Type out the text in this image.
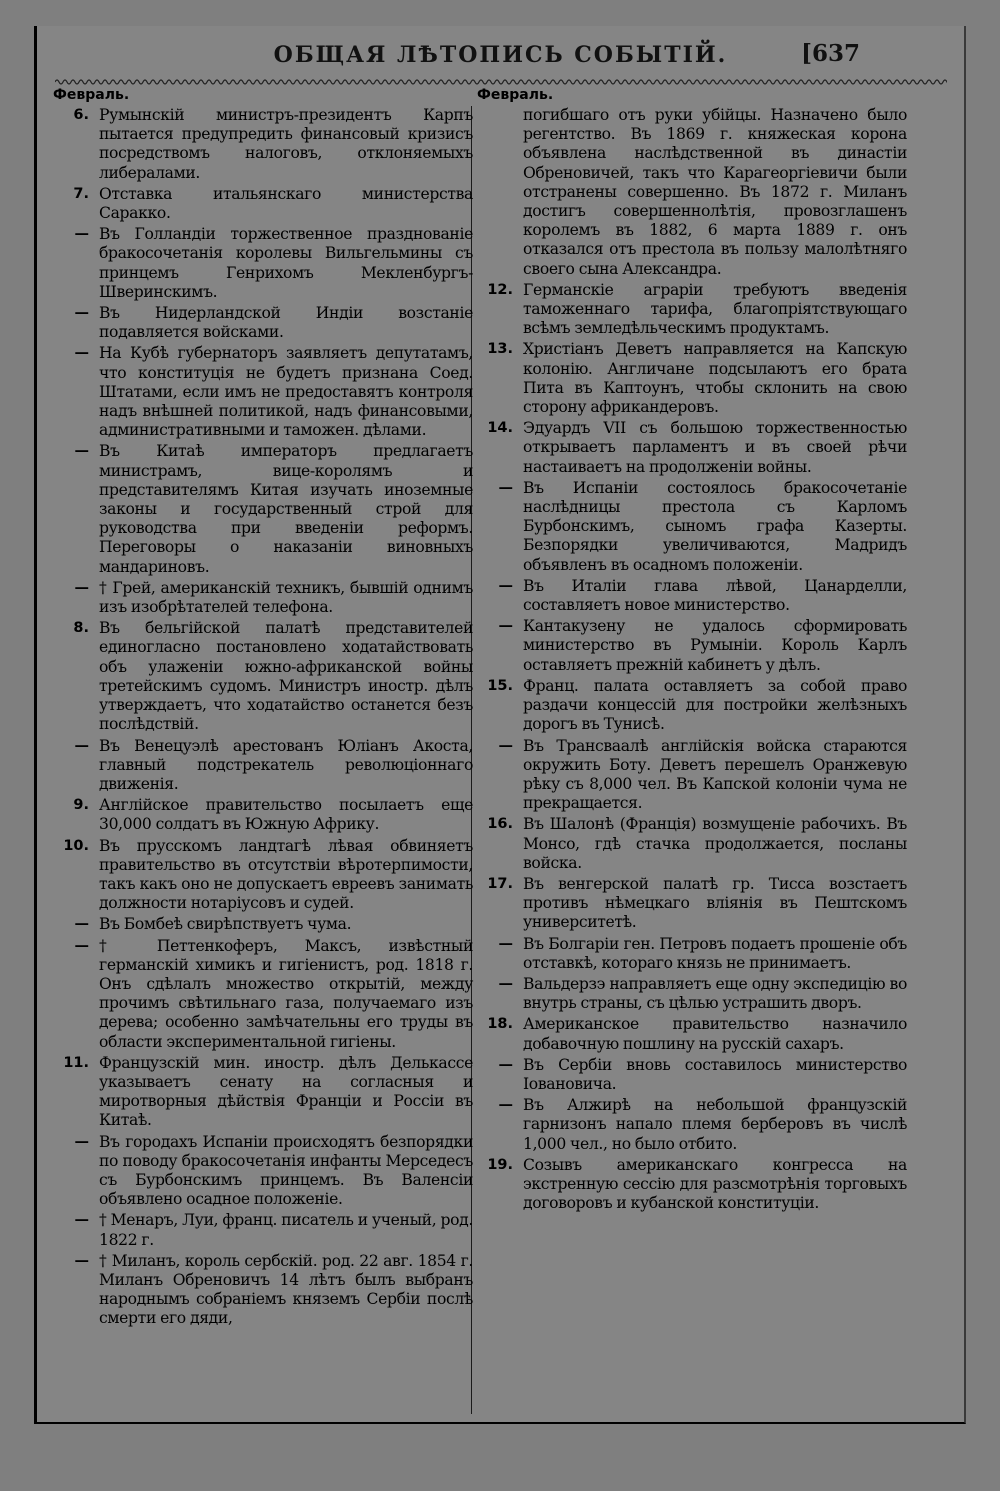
ОБЩАЯ ЛѢТОПИСЬ СОБЫТІЙ.	[637
Февраль.
6. Румынскій министръ-президентъ Карпъ пытается предупредить финансовый кризисъ посредствомъ налоговъ, отклоняемыхъ либералами.
7. Отставка итальянскаго министерства Саракко.
— Въ Голландіи торжественное празднованіе бракосочетанія королевы Вильгельмины съ принцемъ Генрихомъ Мекленбургъ-Шверинскимъ.
— Въ Нидерландской Индіи возстаніе подавляется войсками.
— На Кубѣ губернаторъ заявляетъ депутатамъ, что конституція не будетъ признана Соед. Штатами, если имъ не предоставятъ контроля надъ внѣшней политикой, надъ финансовыми, административными и таможен. дѣлами.
— Въ Китаѣ императоръ предлагаетъ министрамъ, вице-королямъ и представителямъ Китая изучать иноземные законы и государственный строй для руководства при введеніи реформъ. Переговоры о наказаніи виновныхъ мандариновъ.
— † Грей, американскій техникъ, бывшій однимъ изъ изобрѣтателей телефона.
8. Въ бельгійской палатѣ представителей единогласно постановлено ходатайствовать объ улаженіи южно-африканской войны третейскимъ судомъ. Министръ иностр. дѣлъ утверждаетъ, что ходатайство останется безъ послѣдствій.
— Въ Венецуэлѣ арестованъ Юліанъ Акоста, главный подстрекатель революціоннаго движенія.
9. Англійское правительство посылаетъ еще 30,000 солдатъ въ Южную Африку.
10. Въ прусскомъ ландтагѣ лѣвая обвиняетъ правительство въ отсутствіи вѣротерпимости, такъ какъ оно не допускаетъ евреевъ занимать должности нотаріусовъ и судей.
— Въ Бомбеѣ свирѣпствуетъ чума.
— † Петтенкоферъ, Максъ, извѣстный германскій химикъ и гигіенистъ, род. 1818 г. Онъ сдѣлалъ множество открытій, между прочимъ свѣтильнаго газа, получаемаго изъ дерева; особенно замѣчательны его труды въ области экспериментальной гигіены.
11. Французскій мин. иностр. дѣлъ Делькассе указываетъ сенату на согласныя и миротворныя дѣйствія Франціи и Россіи въ Китаѣ.
— Въ городахъ Испаніи происходятъ безпорядки по поводу бракосочетанія инфанты Мерседесъ съ Бурбонскимъ принцемъ. Въ Валенсіи объявлено осадное положеніе.
— † Менаръ, Луи, франц. писатель и ученый, род. 1822 г.
— † Миланъ, король сербскій. род. 22 авг. 1854 г. Миланъ Обреновичъ 14 лѣтъ былъ выбранъ народнымъ собраніемъ княземъ Сербіи послѣ смерти его дяди,
Февраль.
погибшаго отъ руки убійцы. Назначено было регентство. Въ 1869 г. княжеская корона объявлена наслѣдственной въ династіи Обреновичей, такъ что Карагеоргіевичи были отстранены совершенно. Въ 1872 г. Миланъ достигъ совершеннолѣтія, провозглашенъ королемъ въ 1882, 6 марта 1889 г. онъ отказался отъ престола въ пользу малолѣтняго своего сына Александра.
12. Германскіе аграріи требуютъ введенія таможеннаго тарифа, благопріятствующаго всѣмъ земледѣльческимъ продуктамъ.
13. Христіанъ Деветъ направляется на Капскую колонію. Англичане подсылаютъ его брата Пита въ Каптоунъ, чтобы склонить на свою сторону африкандеровъ.
14. Эдуардъ VII съ большою торжественностью открываетъ парламентъ и въ своей рѣчи настаиваетъ на продолженіи войны.
— Въ Испаніи состоялось бракосочетаніе наслѣдницы престола съ Карломъ Бурбонскимъ, сыномъ графа Казерты. Безпорядки увеличиваются, Мадридъ объявленъ въ осадномъ положеніи.
— Въ Италіи глава лѣвой, Цанарделли, составляетъ новое министерство.
— Кантакузену не удалось сформировать министерство въ Румыніи. Король Карлъ оставляетъ прежній кабинетъ у дѣлъ.
15. Франц. палата оставляетъ за собой право раздачи концессій для постройки желѣзныхъ дорогъ въ Тунисѣ.
— Въ Трансваалѣ англійскія войска стараются окружить Боту. Деветъ перешелъ Оранжевую рѣку съ 8,000 чел. Въ Капской колоніи чума не прекращается.
16. Въ Шалонѣ (Франція) возмущеніе рабочихъ. Въ Монсо, гдѣ стачка продолжается, посланы войска.
17. Въ венгерской палатѣ гр. Тисса возстаетъ противъ нѣмецкаго вліянія въ Пештскомъ университетѣ.
— Въ Болгаріи ген. Петровъ подаетъ прошеніе объ отставкѣ, котораго князь не принимаетъ.
— Вальдерзэ направляетъ еще одну экспедицію во внутрь страны, съ цѣлью устрашить дворъ.
18. Американское правительство назначило добавочную пошлину на русскій сахаръ.
— Въ Сербіи вновь составилось министерство Іовановича.
— Въ Алжирѣ на небольшой французскій гарнизонъ напало племя берберовъ въ числѣ 1,000 чел., но было отбито.
19. Созывъ американскаго конгресса на экстренную сессію для разсмотрѣнія торговыхъ договоровъ и кубанской конституціи.
